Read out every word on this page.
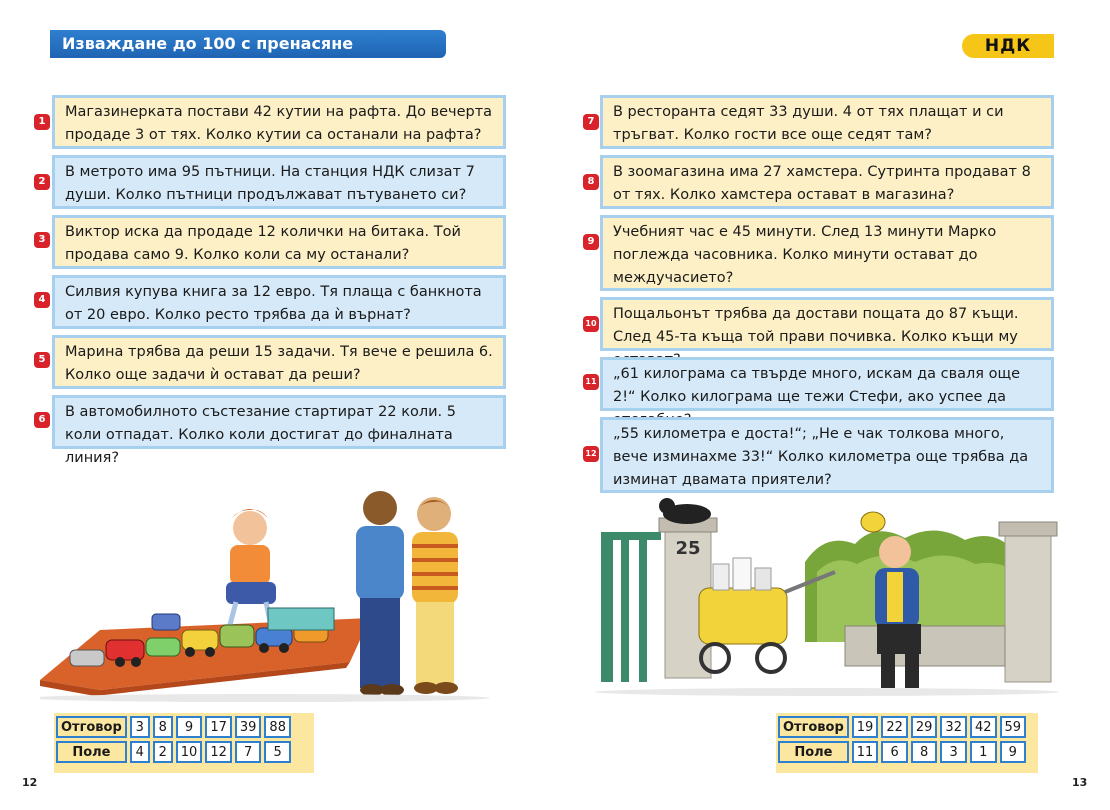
Изваждане до 100 с пренасяне	НДК
1
Магазинерката постави 42 кутии на рафта. До вечерта продаде 3 от тях. Колко кутии са останали на рафта?
2
В метрото има 95 пътници. На станция НДК слизат 7 души. Колко пътници продължават пътуването си?
3	Виктор иска да продаде 12 колички на битака. Той продава само 9. Колко коли са му останали?
4	Силвия купува книга за 12 евро. Тя плаща с банкнота от 20 евро. Колко ресто трябва да ѝ върнат?
5	Марина трябва да реши 15 задачи. Тя вече е решила 6. Колко още задачи ѝ остават да реши?
6	В автомобилното състезание стартират 22 коли. 5 коли отпадат. Колко коли достигат до финалната линия?
7
В ресторанта седят 33 души. 4 от тях плащат и си тръгват. Колко гости все още седят там?
8
В зоомагазина има 27 хамстера. Сутринта продават 8 от тях. Колко хамстера остават в магазина?
9
Учебният час е 45 минути. След 13 минути Марко поглежда часовника. Колко минути остават до междучасието?
10
Пощальонът трябва да достави пощата до 87 къщи. След 45-та къща той прави почивка. Колко къщи му
11	„61 килограма са твърде много, искам да сваля още 2!“ Колко килограма ще тежи Стефи, ако успее да
12
„55 километра е доста!“; „Не е чак толкова много, вече изминахме 33!“ Колко километра още трябва да изминат двамата приятели?
25
Отговор	3	8	9	17	39	88
Поле	4	2	10	12	7	5
Отговор	19	22	29	32	42	59
Поле	11	6	8	3	1	9
12	13
